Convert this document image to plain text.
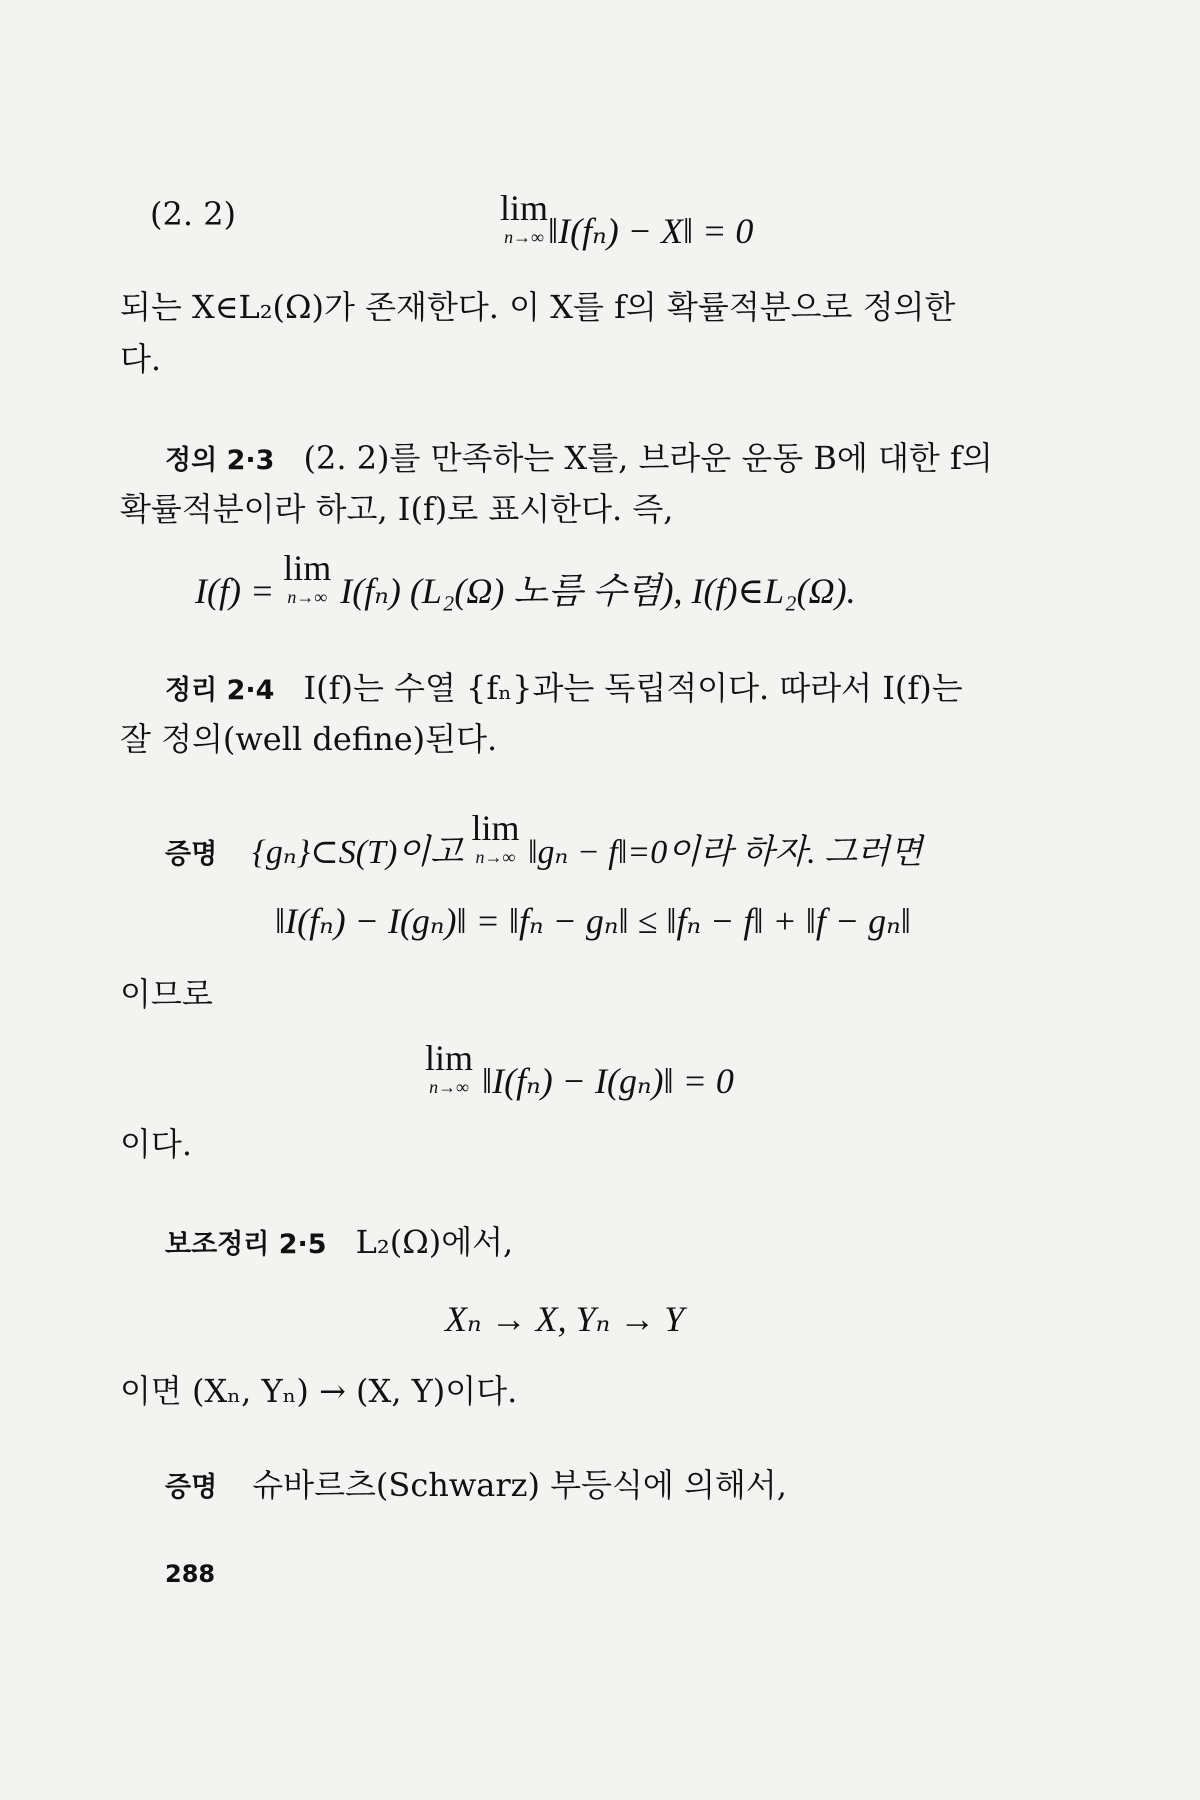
(2. 2)	lim
n→∞ ‖I(fₙ) − X‖ = 0
되는 X∈L₂(Ω)가 존재한다. 이 X를 f의 확률적분으로 정의한
다.
정의 2·3 (2. 2)를 만족하는 X를, 브라운 운동 B에 대한 f의
확률적분이라 하고, I(f)로 표시한다. 즉,
I(f) =
lim
n→∞ I(fₙ) (L₂(Ω) 노름 수렴), I(f)∈L₂(Ω).
정리 2·4 I(f)는 수열 {fₙ}과는 독립적이다. 따라서 I(f)는
잘 정의(well define)된다.
증명 {gₙ}⊂S(T)이고
lim
n→∞ ‖gₙ − f‖=0이라 하자. 그러면
‖I(fₙ) − I(gₙ)‖ = ‖fₙ − gₙ‖ ≤ ‖fₙ − f‖ + ‖f − gₙ‖
이므로
lim
n→∞ ‖I(fₙ) − I(gₙ)‖ = 0
이다.
보조정리 2·5 L₂(Ω)에서,
Xₙ → X, Yₙ → Y
이면 (Xₙ, Yₙ) → (X, Y)이다.
증명 슈바르츠(Schwarz) 부등식에 의해서,
288
